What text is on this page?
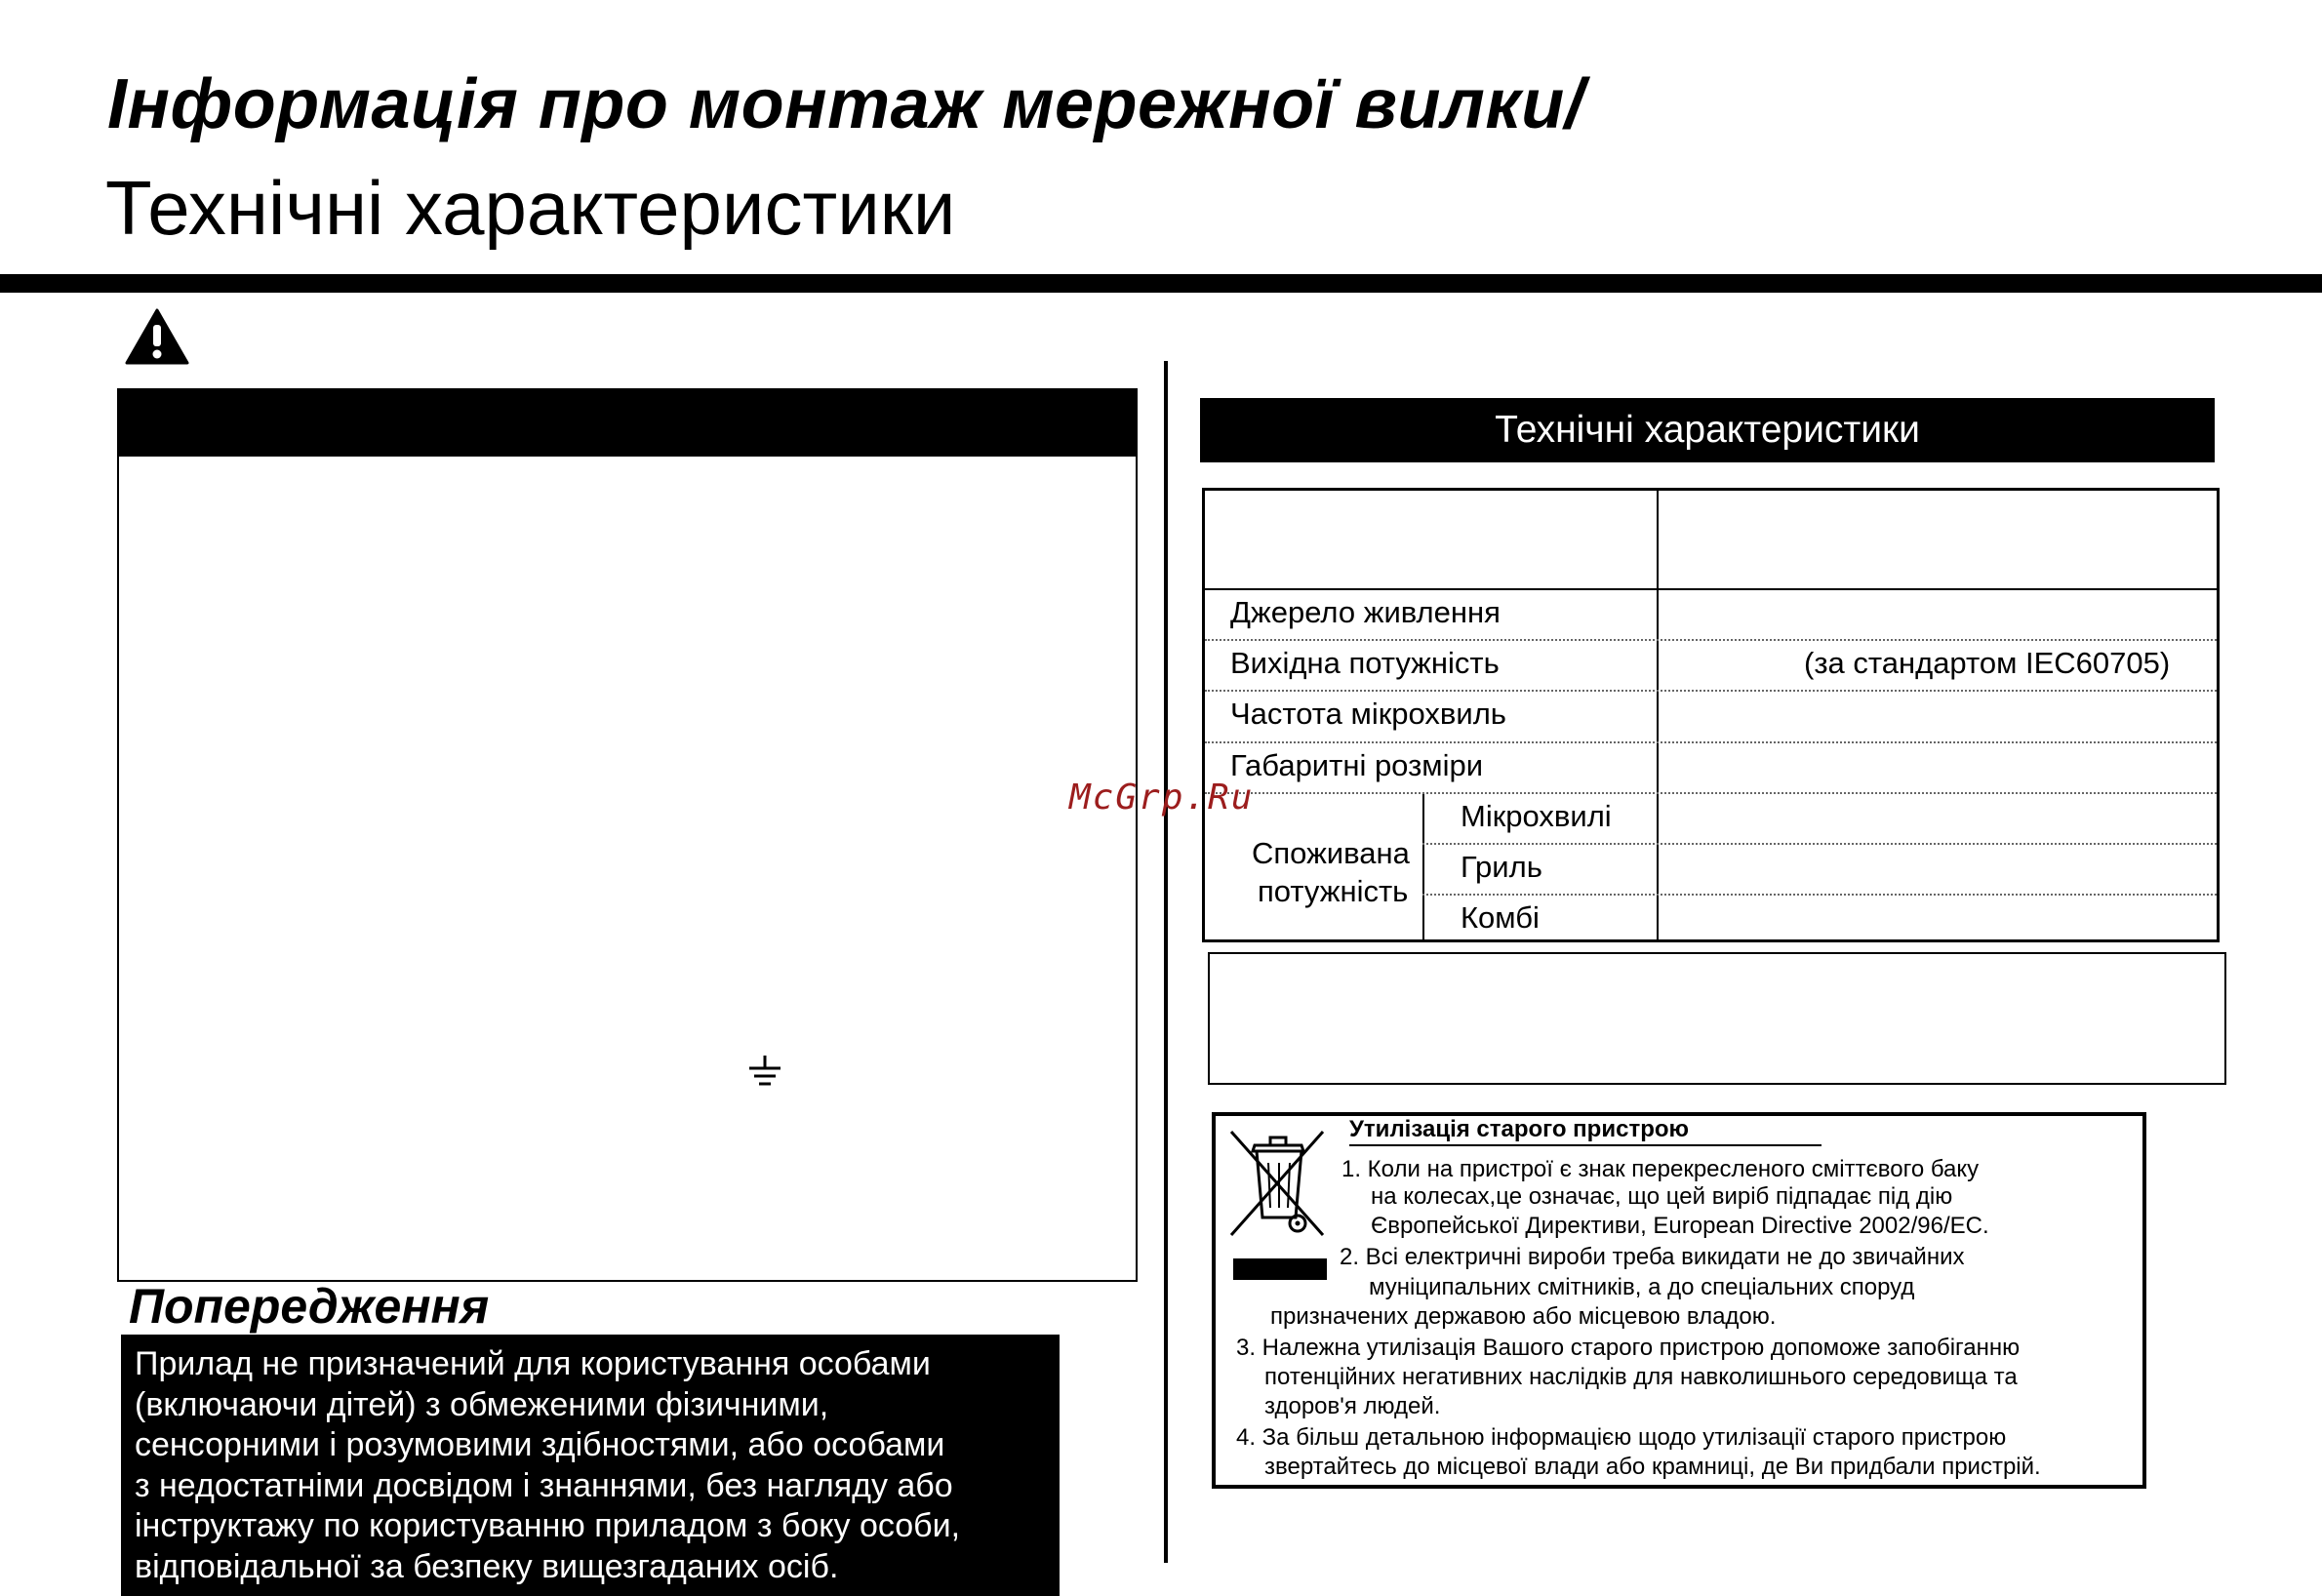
Інформація про монтаж мережної вилки/
Технічні характеристики
Попередження
Прилад не призначений для користування особами
(включаючи дітей) з обмеженими фізичними,
сенсорними і розумовими здібностями, або особами
з недостатніми досвідом і знаннями, без нагляду або
інструктажу по користуванню приладом з боку особи,
відповідальної за безпеку вищезгаданих осіб.
Технічні характеристики
Джерело живлення
Вихідна потужність
Частота мікрохвиль
Габаритні розміри
(за стандартом IEC60705)
Споживана
потужність
Мікрохвилі
Гриль
Комбі
Утилізація старого пристрою
1. Коли на пристрої є знак перекресленого сміттєвого баку
на колесах,це означає, що цей виріб підпадає під дію
Європейської Директиви, European Directive 2002/96/EC.
2. Всі електричні вироби треба викидати не до звичайних
муніципальних смітників, а до спеціальних споруд
призначених державою або місцевою владою.
3. Належна утилізація Вашого старого пристрою допоможе запобіганню
потенційних негативних наслідків для навколишнього середовища та
здоров'я людей.
4. За більш детальною інформацією щодо утилізації старого пристрою
звертайтесь до місцевої влади або крамниці, де Ви придбали пристрій.
McGrp.Ru
